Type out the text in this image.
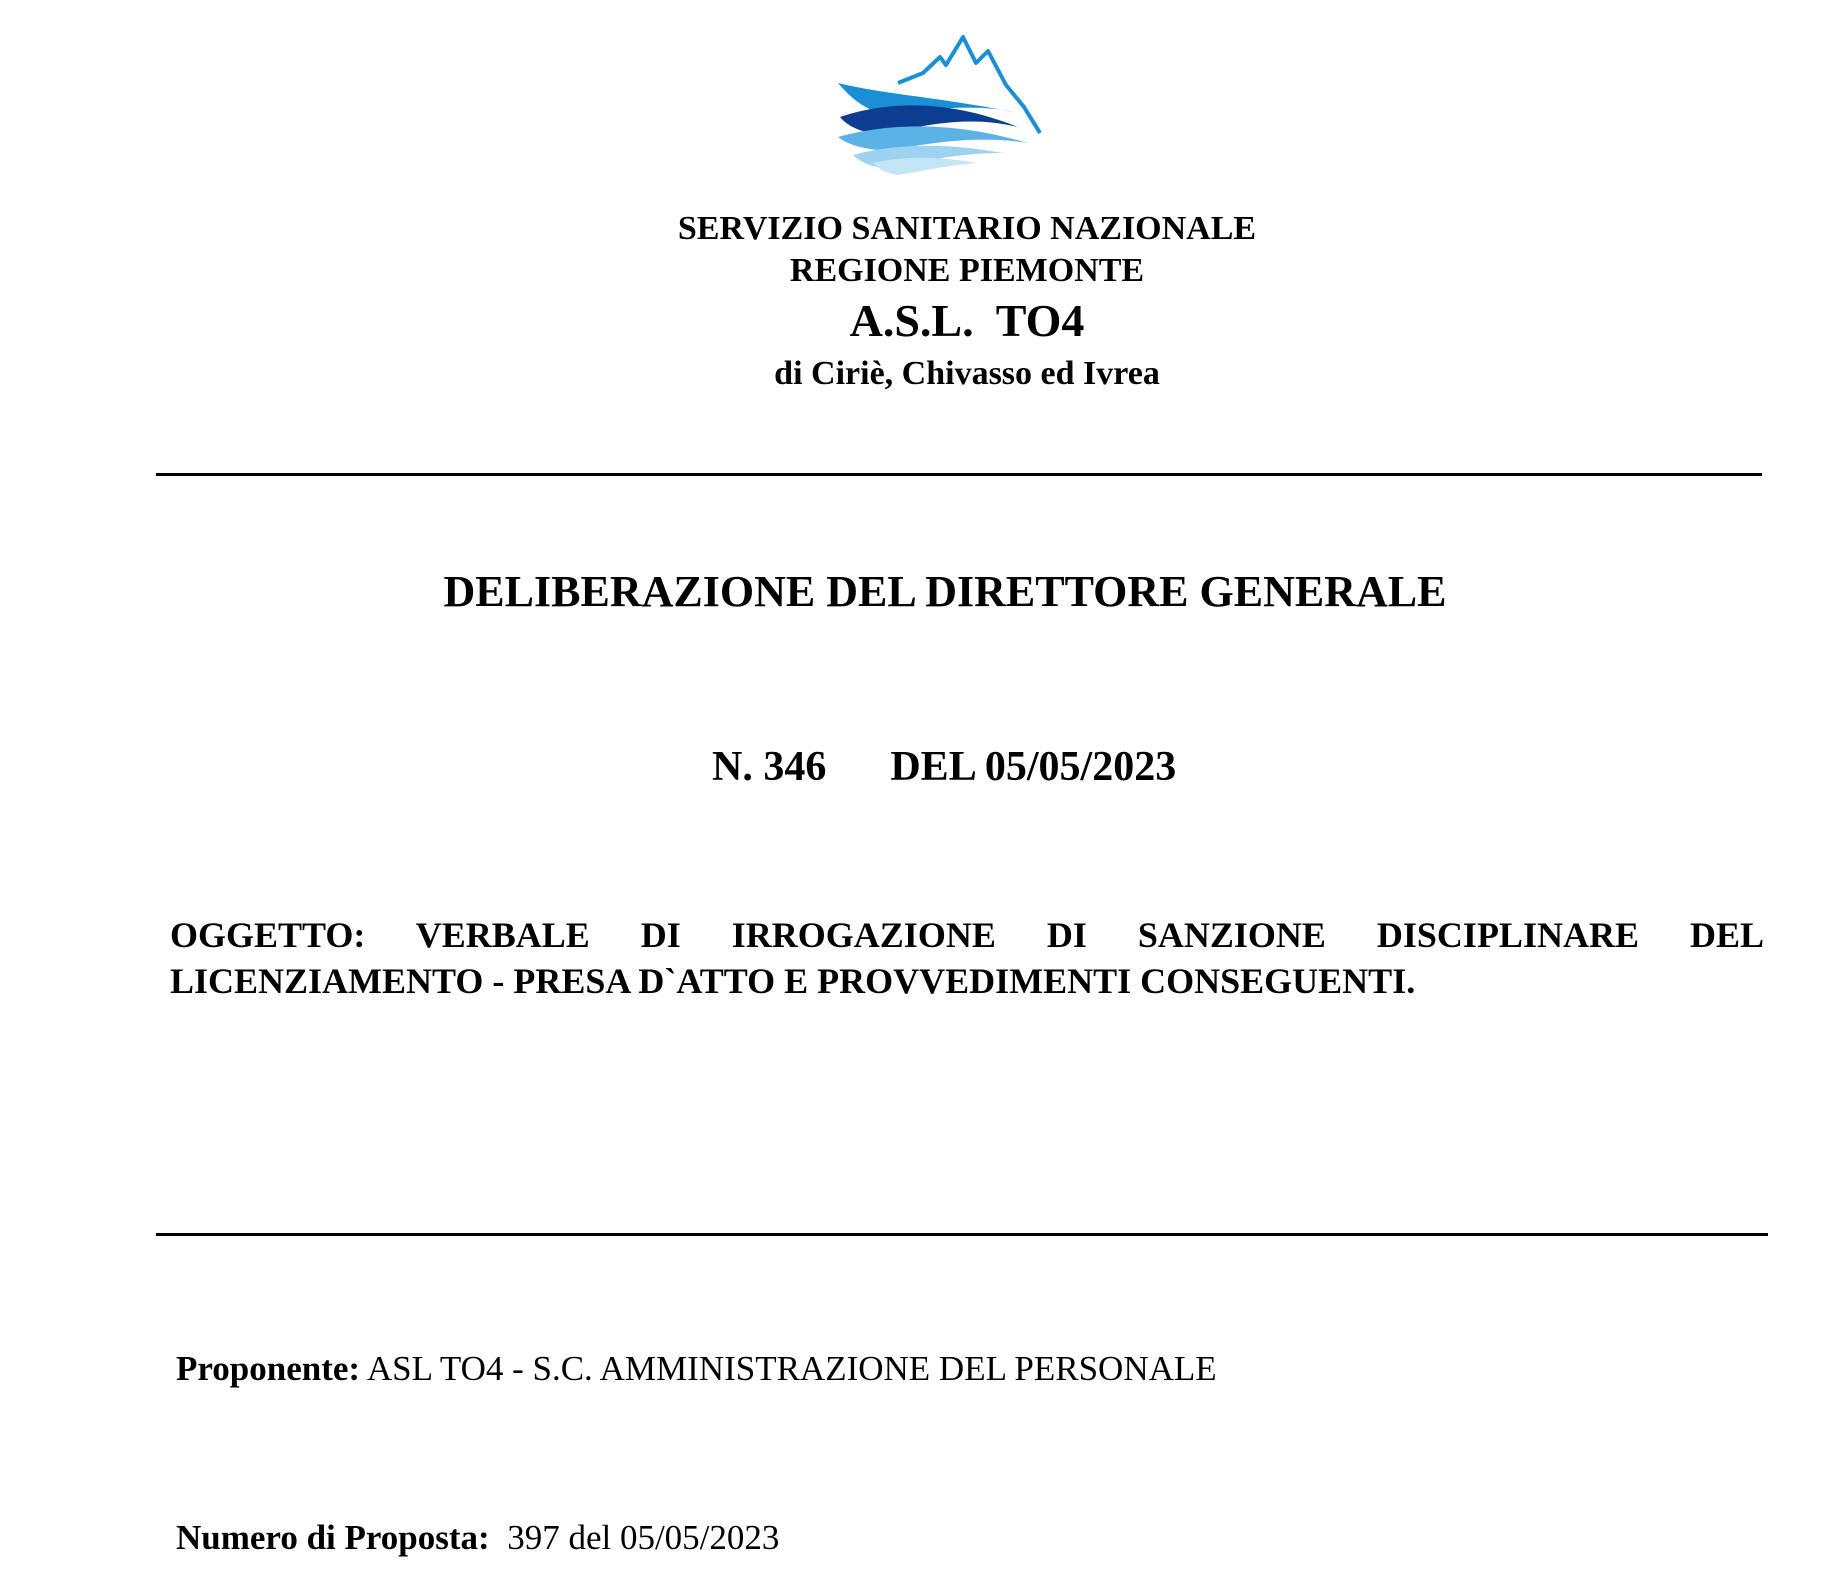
SERVIZIO SANITARIO NAZIONALE
REGIONE PIEMONTE
A.S.L.  TO4
di Ciriè, Chivasso ed Ivrea
DELIBERAZIONE DEL DIRETTORE GENERALE
N. 346 DEL 05/05/2023
OGGETTO: VERBALE DI IRROGAZIONE DI SANZIONE DISCIPLINARE DEL LICENZIAMENTO - PRESA D`ATTO E PROVVEDIMENTI CONSEGUENTI.
Proponente: ASL TO4 - S.C. AMMINISTRAZIONE DEL PERSONALE
Numero di Proposta:  397 del 05/05/2023
